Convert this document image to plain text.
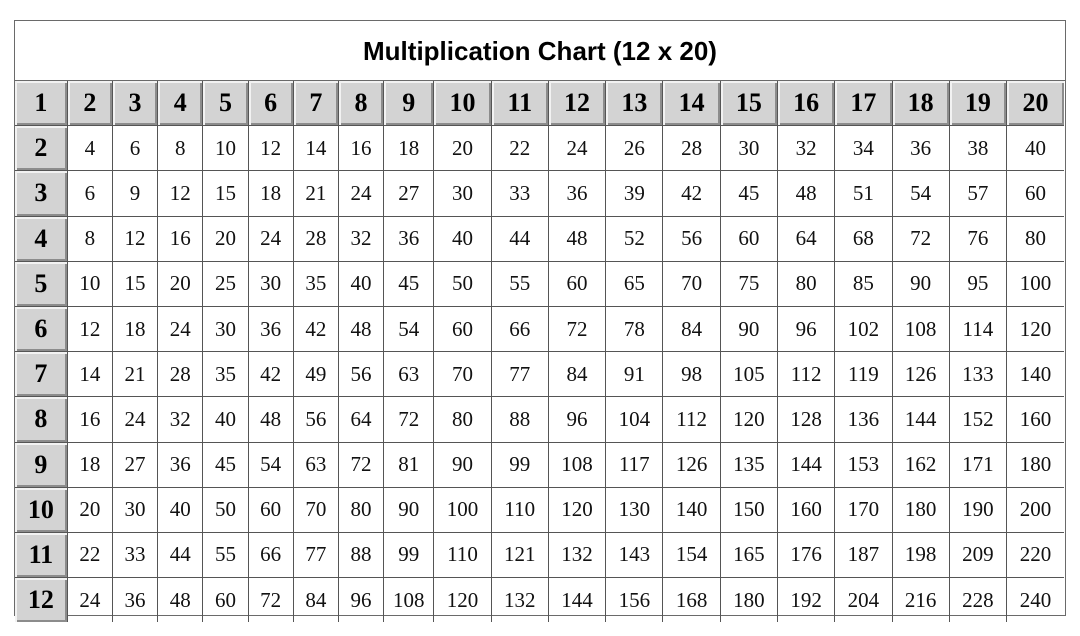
Multiplication Chart (12 x 20)
1	2	3	4	5	6	7	8	9	10	11	12	13	14	15	16	17	18	19	20
2	4	6	8	10	12	14	16	18	20	22	24	26	28	30	32	34	36	38	40
3	6	9	12	15	18	21	24	27	30	33	36	39	42	45	48	51	54	57	60
4	8	12	16	20	24	28	32	36	40	44	48	52	56	60	64	68	72	76	80
5	10	15	20	25	30	35	40	45	50	55	60	65	70	75	80	85	90	95	100
6	12	18	24	30	36	42	48	54	60	66	72	78	84	90	96	102	108	114	120
7	14	21	28	35	42	49	56	63	70	77	84	91	98	105	112	119	126	133	140
8	16	24	32	40	48	56	64	72	80	88	96	104	112	120	128	136	144	152	160
9	18	27	36	45	54	63	72	81	90	99	108	117	126	135	144	153	162	171	180
10	20	30	40	50	60	70	80	90	100	110	120	130	140	150	160	170	180	190	200
11	22	33	44	55	66	77	88	99	110	121	132	143	154	165	176	187	198	209	220
12	24	36	48	60	72	84	96	108	120	132	144	156	168	180	192	204	216	228	240
